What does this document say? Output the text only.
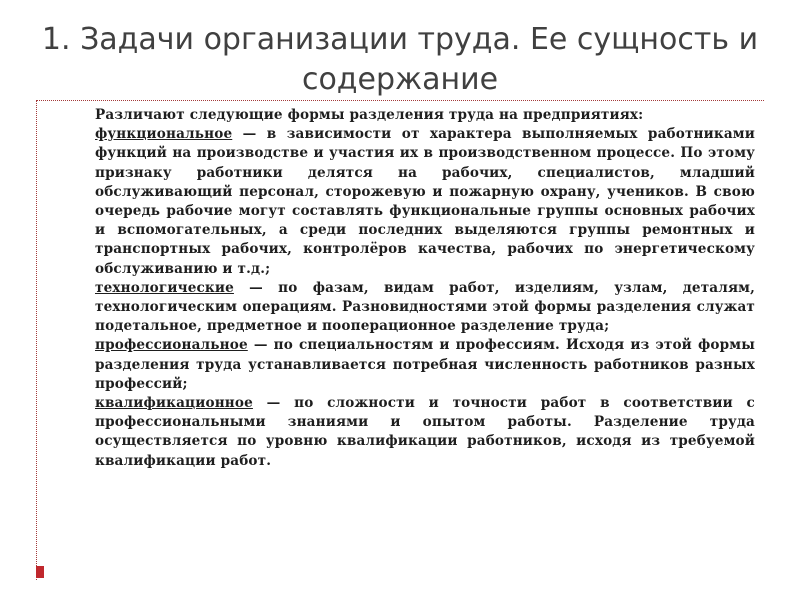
1. Задачи организации труда. Ее сущность и содержание

Различают следующие формы разделения труда на предприятиях:

функциональное — в зависимости от характера выполняемых работниками функций на производстве и участия их в производственном процессе. По этому признаку работники делятся на рабочих, специалистов, младший обслуживающий персонал, сторожевую и пожарную охрану, учеников. В свою очередь рабочие могут составлять функциональные группы основных рабочих и вспомогательных, а среди последних выделяются группы ремонтных и транспортных рабочих, контролёров качества, рабочих по энергетическому обслуживанию и т.д.;

технологические — по фазам, видам работ, изделиям, узлам, деталям, технологическим операциям. Разновидностями этой формы разделения служат подетальное, предметное и пооперационное разделение труда;

профессиональное — по специальностям и профессиям. Исходя из этой формы разделения труда устанавливается потребная численность работников разных профессий;

квалификационное — по сложности и точности работ в соответствии с профессиональными знаниями и опытом работы. Разделение труда осуществляется по уровню квалификации работников, исходя из требуемой квалификации работ.
